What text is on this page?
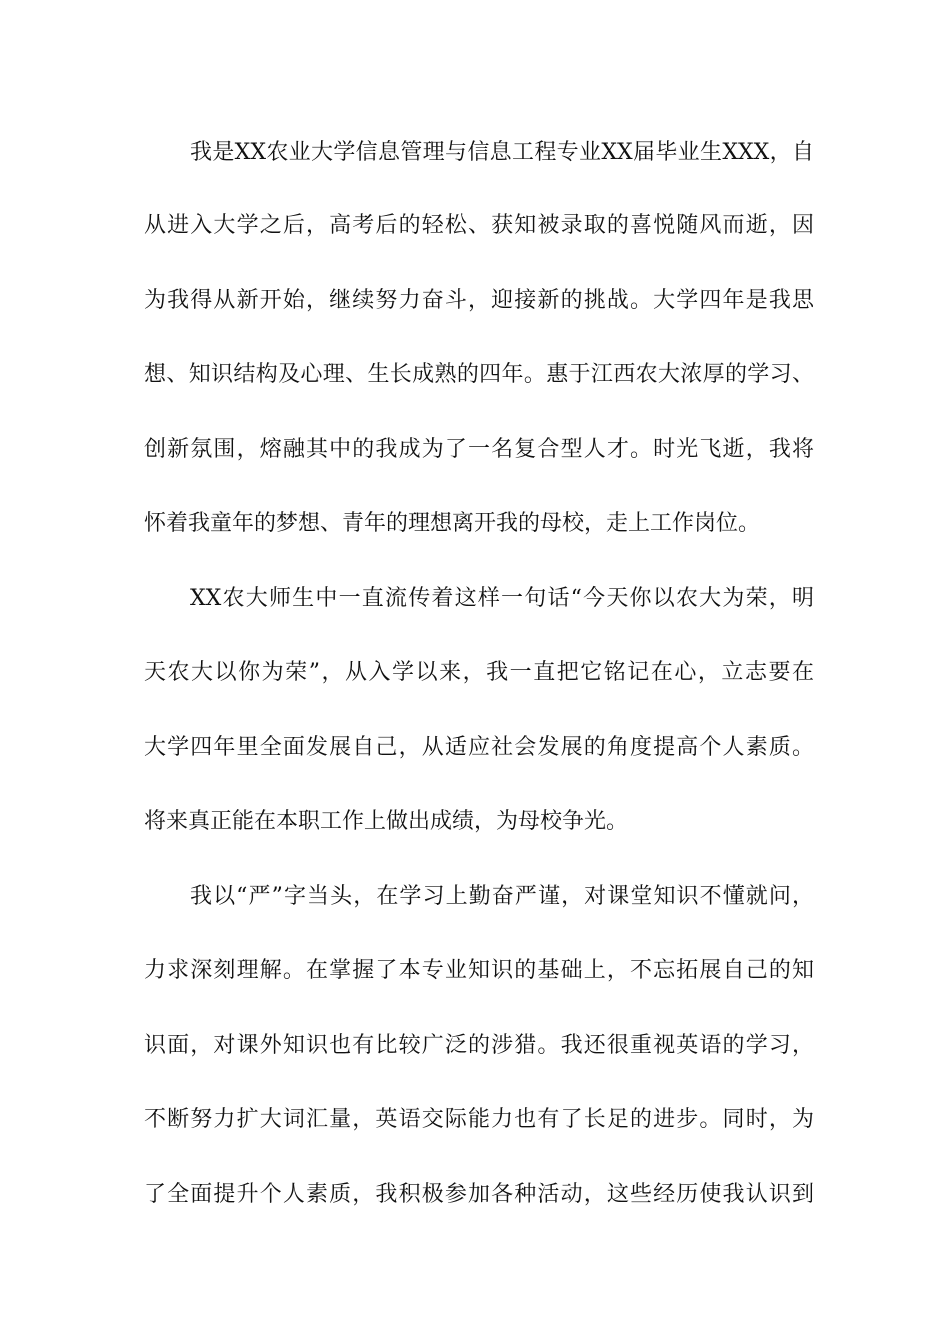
我是XX农业大学信息管理与信息工程专业XX届毕业生XXX，自
从进入大学之后，高考后的轻松、获知被录取的喜悦随风而逝，因
为我得从新开始，继续努力奋斗，迎接新的挑战。大学四年是我思
想、知识结构及心理、生长成熟的四年。惠于江西农大浓厚的学习、
创新氛围，熔融其中的我成为了一名复合型人才。时光飞逝，我将
怀着我童年的梦想、青年的理想离开我的母校，走上工作岗位。
XX农大师生中一直流传着这样一句话“今天你以农大为荣，明
天农大以你为荣”，从入学以来，我一直把它铭记在心，立志要在
大学四年里全面发展自己，从适应社会发展的角度提高个人素质。
将来真正能在本职工作上做出成绩，为母校争光。
我以“严”字当头，在学习上勤奋严谨，对课堂知识不懂就问，
力求深刻理解。在掌握了本专业知识的基础上，不忘拓展自己的知
识面，对课外知识也有比较广泛的涉猎。我还很重视英语的学习，
不断努力扩大词汇量，英语交际能力也有了长足的进步。同时，为
了全面提升个人素质，我积极参加各种活动，这些经历使我认识到
